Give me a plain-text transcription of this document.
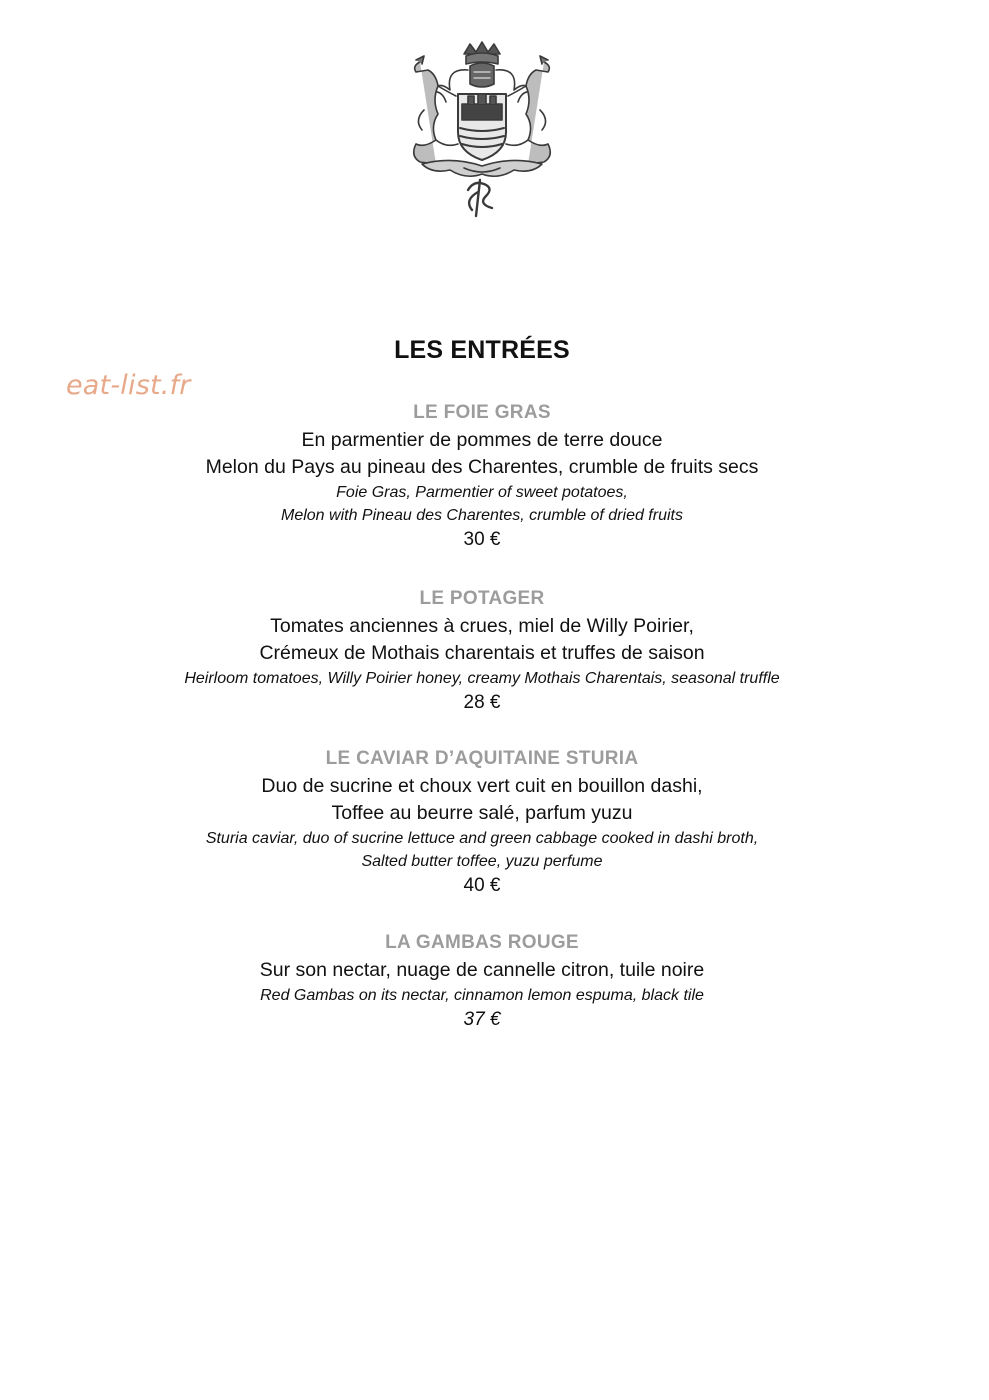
eat-list.fr
LES ENTRÉES
LE FOIE GRAS
En parmentier de pommes de terre douce
Melon du Pays au pineau des Charentes, crumble de fruits secs
Foie Gras, Parmentier of sweet potatoes,
Melon with Pineau des Charentes, crumble of dried fruits
30 €
LE POTAGER
Tomates anciennes à crues, miel de Willy Poirier,
Crémeux de Mothais charentais et truffes de saison
Heirloom tomatoes, Willy Poirier honey, creamy Mothais Charentais, seasonal truffle
28 €
LE CAVIAR D’AQUITAINE STURIA
Duo de sucrine et choux vert cuit en bouillon dashi,
Toffee au beurre salé, parfum yuzu
Sturia caviar, duo of sucrine lettuce and green cabbage cooked in dashi broth,
Salted butter toffee, yuzu perfume
40 €
LA GAMBAS ROUGE
Sur son nectar, nuage de cannelle citron, tuile noire
Red Gambas on its nectar, cinnamon lemon espuma, black tile
37 €
